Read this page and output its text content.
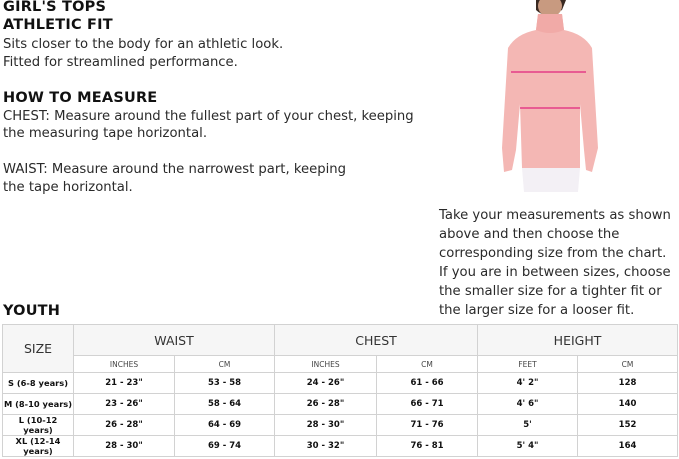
GIRL'S TOPS
ATHLETIC FIT
Sits closer to the body for an athletic look.
Fitted for streamlined performance.
HOW TO MEASURE
CHEST: Measure around the fullest part of your chest, keeping
the measuring tape horizontal.
WAIST: Measure around the narrowest part, keeping
the tape horizontal.
Take your measurements as shown
above and then choose the
corresponding size from the chart.
If you are in between sizes, choose
the smaller size for a tighter fit or
the larger size for a looser fit.
YOUTH
SIZE	WAIST		CHEST		HEIGHT	
	INCHES	CM	INCHES	CM	FEET	CM
S (6-8 years)	21 - 23"	53 - 58	24 - 26"	61 - 66	4' 2"	128
M (8-10 years)	23 - 26"	58 - 64	26 - 28"	66 - 71	4' 6"	140
L (10-12 years)	26 - 28"	64 - 69	28 - 30"	71 - 76	5'	152
XL (12-14 years)	28 - 30"	69 - 74	30 - 32"	76 - 81	5' 4"	164
